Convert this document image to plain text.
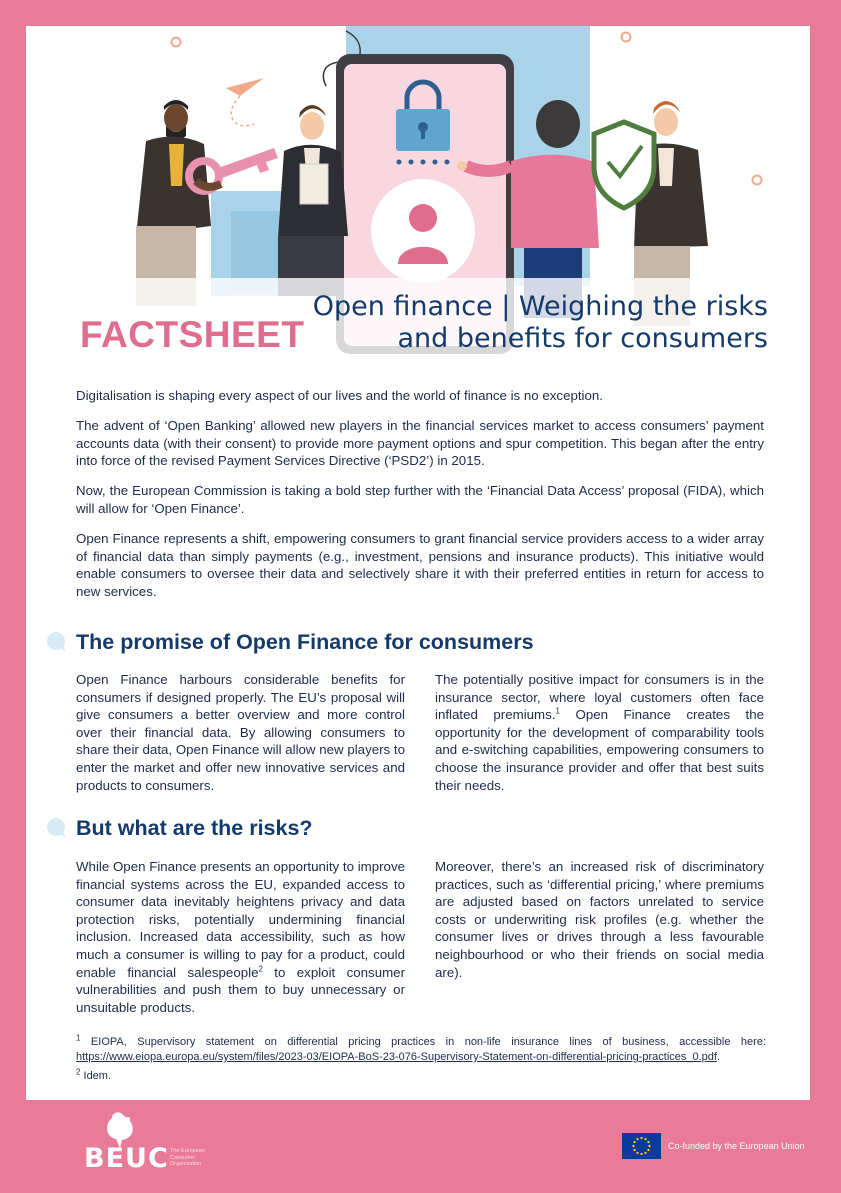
FACTSHEET
Open finance | Weighing the risks
and benefits for consumers

Digitalisation is shaping every aspect of our lives and the world of finance is no exception.

The advent of ‘Open Banking’ allowed new players in the financial services market to access consumers’ payment accounts data (with their consent) to provide more payment options and spur competition. This began after the entry into force of the revised Payment Services Directive (‘PSD2’) in 2015.

Now, the European Commission is taking a bold step further with the ‘Financial Data Access’ proposal (FIDA), which will allow for ‘Open Finance’.

Open Finance represents a shift, empowering consumers to grant financial service providers access to a wider array of financial data than simply payments (e.g., investment, pensions and insurance products). This initiative would enable consumers to oversee their data and selectively share it with their preferred entities in return for access to new services.

The promise of Open Finance for consumers

Open Finance harbours considerable benefits for consumers if designed properly. The EU’s proposal will give consumers a better overview and more control over their financial data. By allowing consumers to share their data, Open Finance will allow new players to enter the market and offer new innovative services and products to consumers.

The potentially positive impact for consumers is in the insurance sector, where loyal customers often face inflated premiums.$^1$ Open Finance creates the opportunity for the development of comparability tools and e-switching capabilities, empowering consumers to choose the insurance provider and offer that best suits their needs.

But what are the risks?

While Open Finance presents an opportunity to improve financial systems across the EU, expanded access to consumer data inevitably heightens privacy and data protection risks, potentially undermining financial inclusion. Increased data accessibility, such as how much a consumer is willing to pay for a product, could enable financial salespeople$^2$ to exploit consumer vulnerabilities and push them to buy unnecessary or unsuitable products.

Moreover, there’s an increased risk of discriminatory practices, such as ‘differential pricing,’ where premiums are adjusted based on factors unrelated to service costs or underwriting risk profiles (e.g. whether the consumer lives or drives through a less favourable neighbourhood or who their friends on social media are).

$^1$ EIOPA, Supervisory statement on differential pricing practices in non-life insurance lines of business, accessible here: https://www.eiopa.europa.eu/system/files/2023-03/EIOPA-BoS-23-076-Supervisory-Statement-on-differential-pricing-practices_0.pdf.

$^2$ Idem.

BEUC The European Consumer Organisation
Co-funded by the European Union
